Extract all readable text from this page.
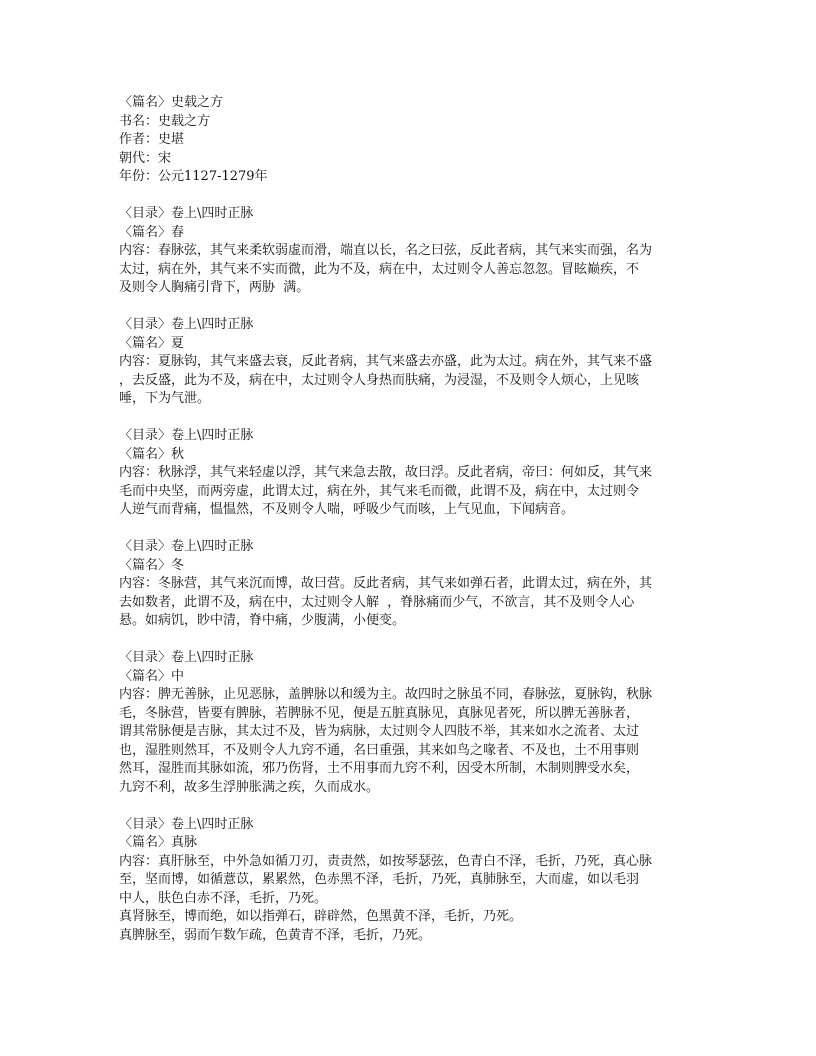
〈篇名〉史载之方
书名：史载之方
作者：史堪
朝代：宋
年份：公元1127-1279年
〈目录〉卷上\四时正脉
〈篇名〉春
内容：春脉弦，其气来柔软弱虚而滑，端直以长，名之曰弦，反此者病，其气来实而强，名为
太过，病在外，其气来不实而微，此为不及，病在中，太过则令人善忘忽忽。冒眩巅疾，不
及则令人胸痛引背下，两胁  满。
〈目录〉卷上\四时正脉
〈篇名〉夏
内容：夏脉钩，其气来盛去衰，反此者病，其气来盛去亦盛，此为太过。病在外，其气来不盛
，去反盛，此为不及，病在中，太过则令人身热而肤痛，为浸湿，不及则令人烦心，上见咳
唾，下为气泄。
〈目录〉卷上\四时正脉
〈篇名〉秋
内容：秋脉浮，其气来轻虚以浮，其气来急去散，故曰浮。反此者病，帝曰：何如反，其气来
毛而中央坚，而两旁虚，此谓太过，病在外，其气来毛而微，此谓不及，病在中，太过则令
人逆气而背痛，愠愠然，不及则令人喘，呼吸少气而咳，上气见血，下闻病音。
〈目录〉卷上\四时正脉
〈篇名〉冬
内容：冬脉营，其气来沉而博，故曰营。反此者病，其气来如弹石者，此谓太过，病在外，其
去如数者，此谓不及，病在中，太过则令人解  ，脊脉痛而少气，不欲言，其不及则令人心
悬。如病饥，眇中清，脊中痛，少腹满，小便变。
〈目录〉卷上\四时正脉
〈篇名〉中
内容：脾无善脉，止见恶脉，盖脾脉以和缓为主。故四时之脉虽不同，春脉弦，夏脉钩，秋脉
毛，冬脉营，皆要有脾脉，若脾脉不见，便是五脏真脉见，真脉见者死，所以脾无善脉者，
谓其常脉便是吉脉，其太过不及，皆为病脉，太过则令人四肢不举，其来如水之流者、太过
也，湿胜则然耳，不及则令人九窍不通，名曰重强，其来如鸟之喙者、不及也，土不用事则
然耳，湿胜而其脉如流，邪乃伤肾，土不用事而九窍不利，因受木所制，木制则脾受水矣，
九窍不利，故多生浮肿胀满之疾，久而成水。
〈目录〉卷上\四时正脉
〈篇名〉真脉
内容：真肝脉至，中外急如循刀刃，责责然，如按琴瑟弦，色青白不泽，毛折，乃死，真心脉
至，坚而博，如循薏苡，累累然，色赤黑不泽，毛折，乃死，真肺脉至，大而虚，如以毛羽
中人，肤色白赤不泽，毛折，乃死。
真肾脉至，博而绝，如以指弹石，辟辟然，色黑黄不泽，毛折，乃死。
真脾脉至，弱而乍数乍疏，色黄青不泽，毛折，乃死。
